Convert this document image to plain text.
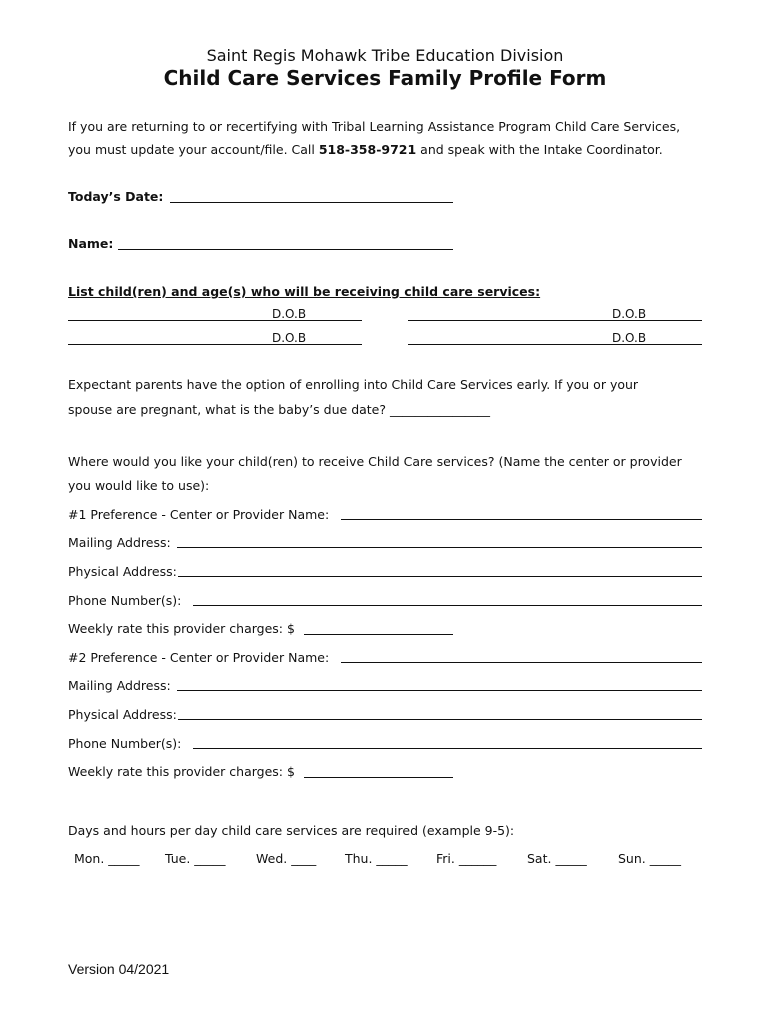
Saint Regis Mohawk Tribe Education Division
Child Care Services Family Profile Form
If you are returning to or recertifying with Tribal Learning Assistance Program Child Care Services,
you must update your account/file. Call 518-358-9721 and speak with the Intake Coordinator.
Today’s Date:
Name:
List child(ren) and age(s) who will be receiving child care services:
D.O.B	D.O.B
D.O.B	D.O.B
Expectant parents have the option of enrolling into Child Care Services early. If you or your
spouse are pregnant, what is the baby’s due date? ________________
Where would you like your child(ren) to receive Child Care services? (Name the center or provider
you would like to use):
#1 Preference - Center or Provider Name:
Mailing Address:
Physical Address:
Phone Number(s):
Weekly rate this provider charges: $
#2 Preference - Center or Provider Name:
Mailing Address:
Physical Address:
Phone Number(s):
Weekly rate this provider charges: $
Days and hours per day child care services are required (example 9-5):
Mon. _____ Tue. _____ Wed. ____ Thu. _____ Fri. ______ Sat. _____	Sun. _____
Version 04/2021
